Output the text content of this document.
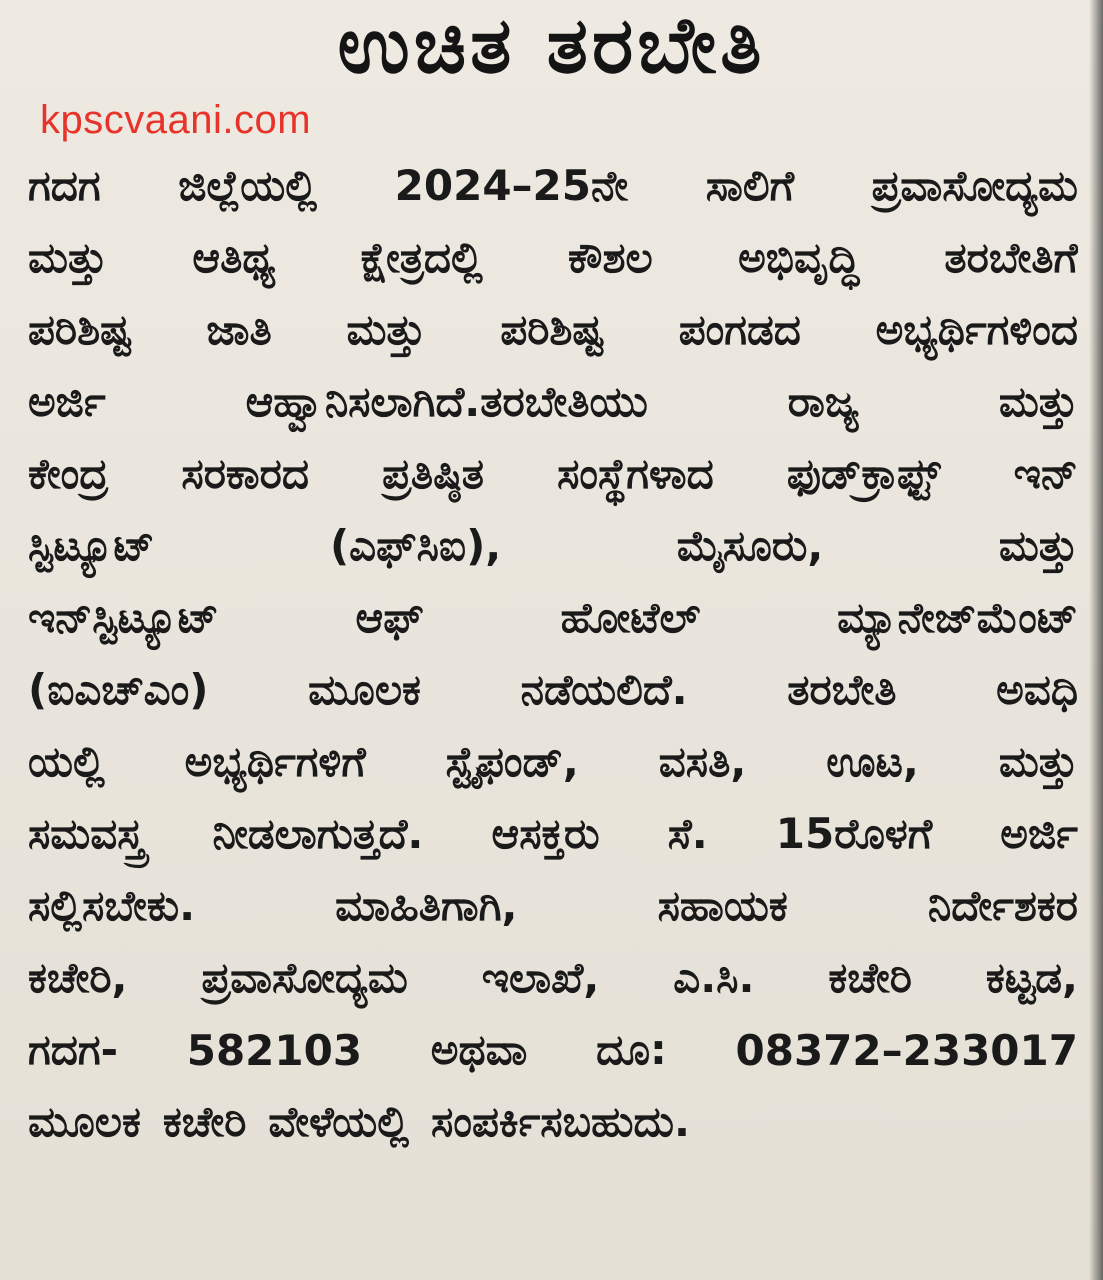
ಉಚಿತ ತರಬೇತಿ
kpscvaani.com
ಗದಗ ಜಿಲ್ಲೆಯಲ್ಲಿ 2024–25ನೇ ಸಾಲಿಗೆ ಪ್ರವಾಸೋದ್ಯಮ
ಮತ್ತು ಆತಿಥ್ಯ ಕ್ಷೇತ್ರದಲ್ಲಿ ಕೌಶಲ ಅಭಿವೃದ್ಧಿ ತರಬೇತಿಗೆ
ಪರಿಶಿಷ್ಟ ಜಾತಿ ಮತ್ತು ಪರಿಶಿಷ್ಟ ಪಂಗಡದ ಅಭ್ಯರ್ಥಿಗಳಿಂದ
ಅರ್ಜಿ	ಆಹ್ವಾನಿಸಲಾಗಿದೆ.ತರಬೇತಿಯು	ರಾಜ್ಯ	ಮತ್ತು
ಕೇಂದ್ರ ಸರಕಾರದ ಪ್ರತಿಷ್ಠಿತ ಸಂಸ್ಥೆಗಳಾದ ಫುಡ್‌ಕ್ರಾಫ್ಟ್ ಇನ್
ಸ್ಟಿಟ್ಯೂಟ್	(ಎಫ್‌ಸಿಐ),	ಮೈಸೂರು,	ಮತ್ತು
ಇನ್‌ಸ್ಟಿಟ್ಯೂಟ್	ಆಫ್	ಹೋಟೆಲ್	ಮ್ಯಾನೇಜ್‌ಮೆಂಟ್
(ಐಎಚ್‌ಎಂ) ಮೂಲಕ ನಡೆಯಲಿದೆ. ತರಬೇತಿ ಅವಧಿ
ಯಲ್ಲಿ ಅಭ್ಯರ್ಥಿಗಳಿಗೆ ಸ್ಟೈಫಂಡ್, ವಸತಿ, ಊಟ, ಮತ್ತು
ಸಮವಸ್ತ್ರ ನೀಡಲಾಗುತ್ತದೆ. ಆಸಕ್ತರು ಸೆ. 15ರೊಳಗೆ ಅರ್ಜಿ
ಸಲ್ಲಿಸಬೇಕು.	ಮಾಹಿತಿಗಾಗಿ,	ಸಹಾಯಕ	ನಿರ್ದೇಶಕರ
ಕಚೇರಿ, ಪ್ರವಾಸೋದ್ಯಮ ಇಲಾಖೆ, ಎ.ಸಿ. ಕಚೇರಿ ಕಟ್ಟಡ,
ಗದಗ- 582103 ಅಥವಾ ದೂ: 08372–233017
ಮೂಲಕ ಕಚೇರಿ ವೇಳೆಯಲ್ಲಿ ಸಂಪರ್ಕಿಸಬಹುದು.
